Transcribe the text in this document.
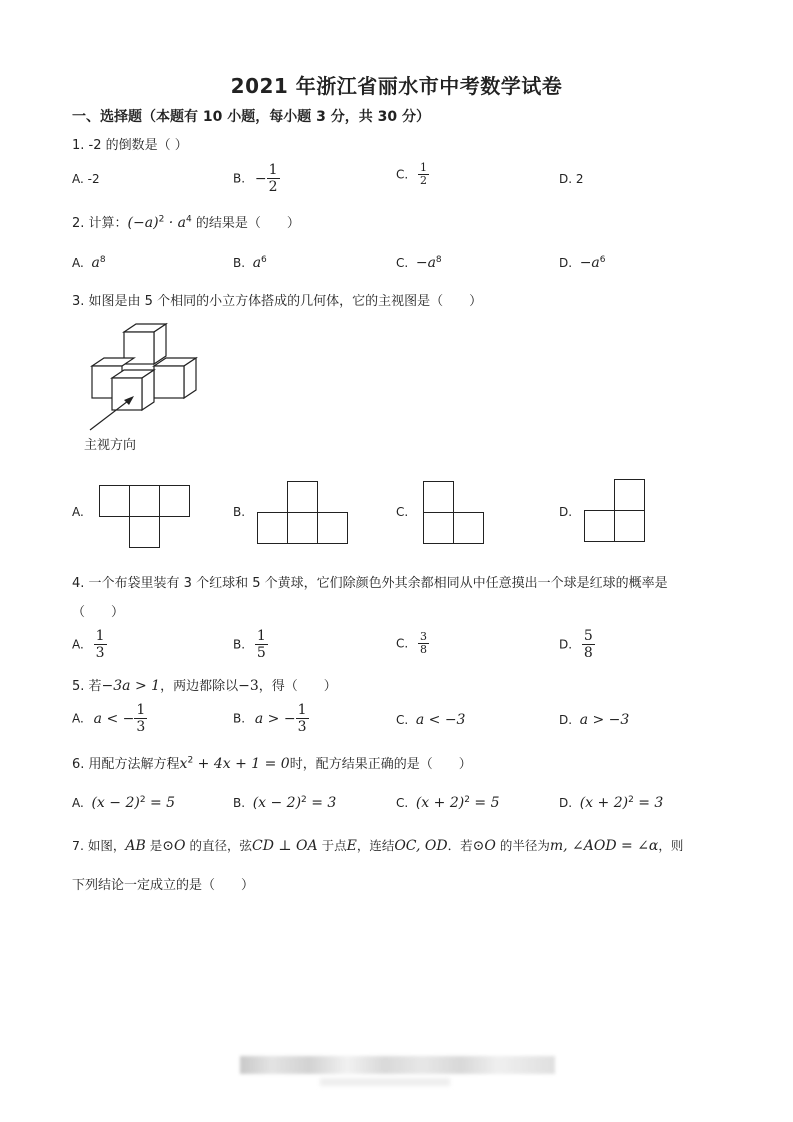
2021 年浙江省丽水市中考数学试卷
一、选择题（本题有 10 小题，每小题 3 分，共 30 分）
1. -2 的倒数是（ ）
A. -2	B. − $\frac{1}{2}$	C. $\frac{1}{2}$	D. 2
2. 计算：$(-a)^2 \cdot a^4$ 的结果是（　　）
A. $a^8$	B. $a^6$	C. $-a^8$	D. $-a^6$
3. 如图是由 5 个相同的小立方体搭成的几何体，它的主视图是（　　）
主视方向
A.	B.	C.	D.
4. 一个布袋里装有 3 个红球和 5 个黄球，它们除颜色外其余都相同从中任意摸出一个球是红球的概率是
（　　）
A. $\frac{1}{3}$	B. $\frac{1}{5}$	C. $\frac{3}{8}$	D. $\frac{5}{8}$
5. 若−3a > 1，两边都除以−3，得（　　）
A. a < − $\frac{1}{3}$	B. a > − $\frac{1}{3}$	C. a < −3	D. a > −3
6. 用配方法解方程$x^2 + 4x + 1 = 0$时，配方结果正确的是（　　）
A. $(x - 2)^2 = 5$	B. $(x - 2)^2 = 3$	C. $(x + 2)^2 = 5$	D. $(x + 2)^2 = 3$
7. 如图，AB 是⊙O 的直径，弦CD ⊥ OA 于点E，连结OC, OD．若⊙O 的半径为m, ∠AOD = ∠α，则
下列结论一定成立的是（　　）
